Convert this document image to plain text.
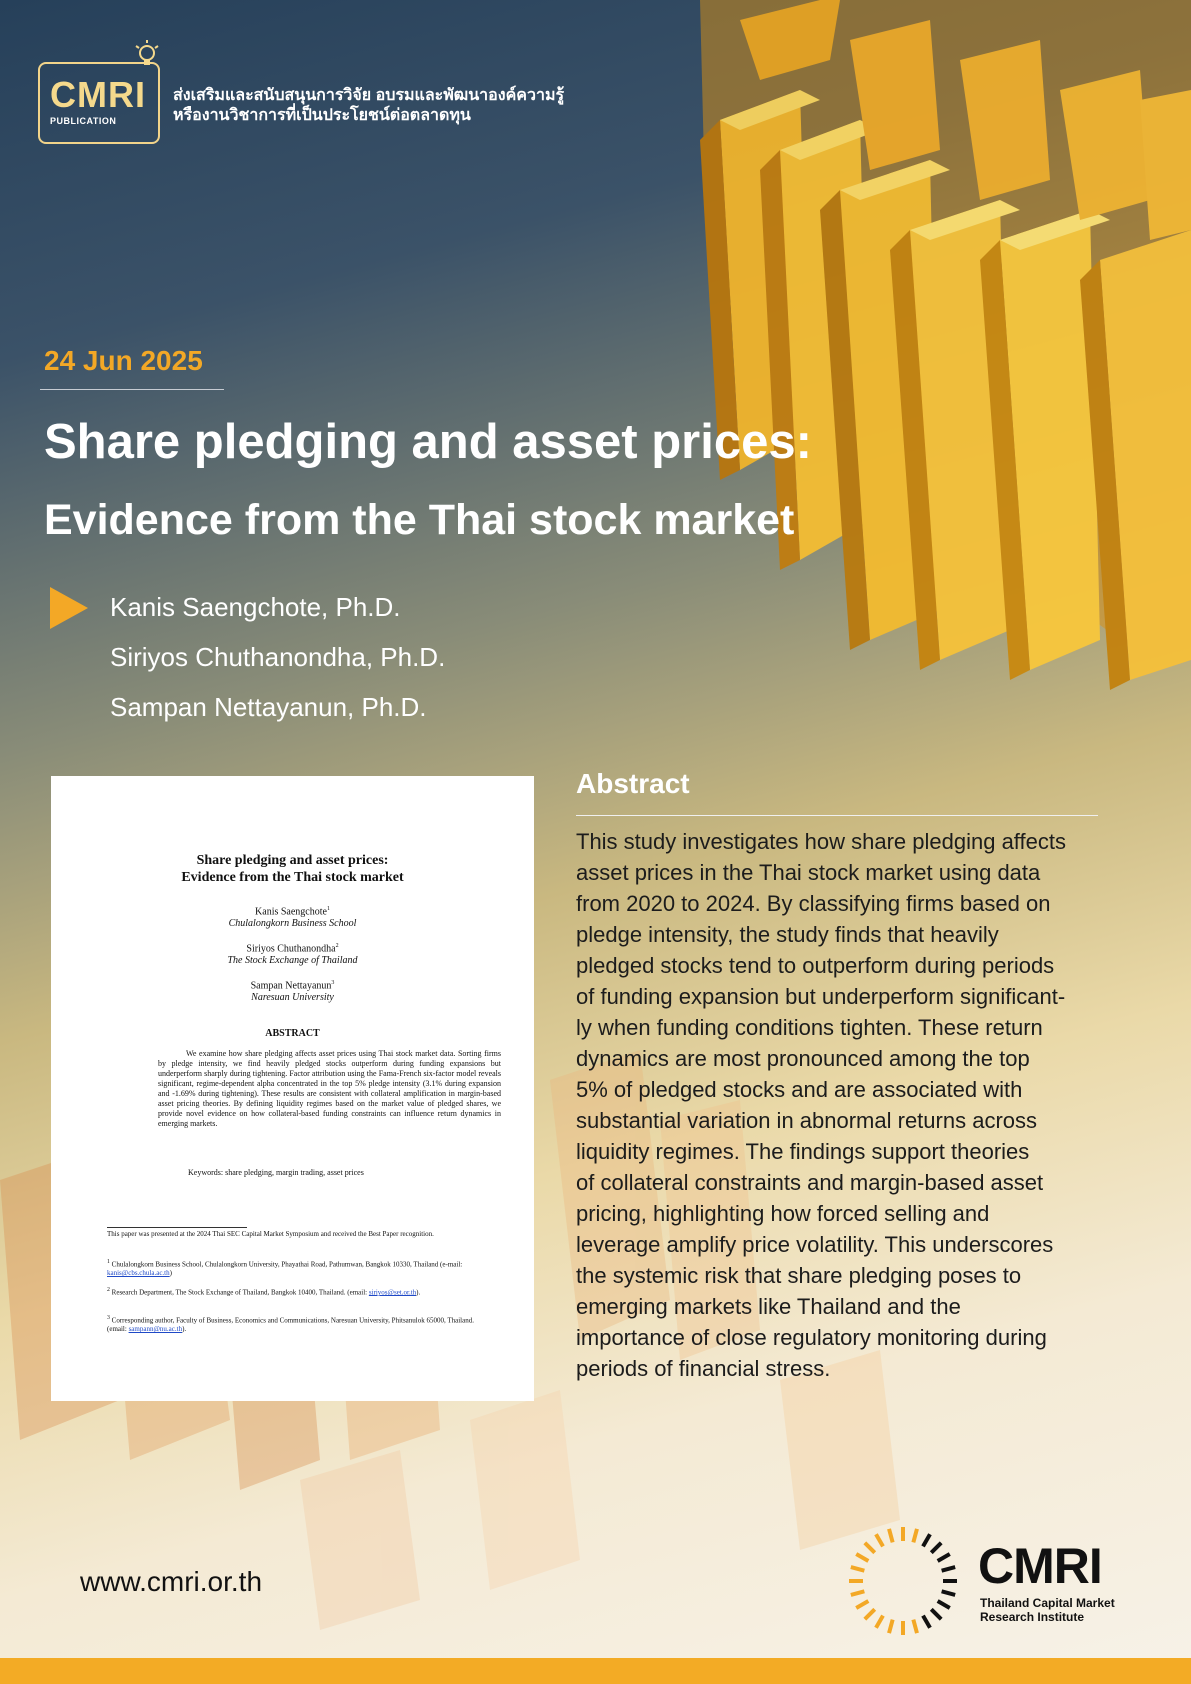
CMRI
PUBLICATION
ส่งเสริมและสนับสนุนการวิจัย อบรมและพัฒนาองค์ความรู้
หรืองานวิชาการที่เป็นประโยชน์ต่อตลาดทุน
24 Jun 2025
Share pledging and asset prices:
Evidence from the Thai stock market
Kanis Saengchote, Ph.D.
Siriyos Chuthanondha, Ph.D.
Sampan Nettayanun, Ph.D.
Share pledging and asset prices:
Evidence from the Thai stock market
Kanis Saengchote$^1$
Chulalongkorn Business School
Siriyos Chuthanondha$^2$
The Stock Exchange of Thailand
Sampan Nettayanun$^3$
Naresuan University
ABSTRACT
We examine how share pledging affects asset prices using Thai stock market data. Sorting firms by pledge intensity, we find heavily pledged stocks outperform during funding expansions but underperform sharply during tightening. Factor attribution using the Fama-French six-factor model reveals significant, regime-dependent alpha concentrated in the top 5% pledge intensity (3.1% during expansion and -1.69% during tightening). These results are consistent with collateral amplification in margin-based asset pricing theories. By defining liquidity regimes based on the market value of pledged shares, we provide novel evidence on how collateral-based funding constraints can influence return dynamics in emerging markets.
Keywords: share pledging, margin trading, asset prices
This paper was presented at the 2024 Thai SEC Capital Market Symposium and received the Best Paper recognition.
$^1$ Chulalongkorn Business School, Chulalongkorn University, Phayathai Road, Pathumwan, Bangkok 10330, Thailand (e-mail: kanis@cbs.chula.ac.th)
$^2$ Research Department, The Stock Exchange of Thailand, Bangkok 10400, Thailand. (email: siriyos@set.or.th).
$^3$ Corresponding author, Faculty of Business, Economics and Communications, Naresuan University, Phitsanulok 65000, Thailand. (email: sampann@nu.ac.th).
Abstract
This study investigates how share pledging affects
asset prices in the Thai stock market using data
from 2020 to 2024. By classifying firms based on
pledge intensity, the study finds that heavily
pledged stocks tend to outperform during periods
of funding expansion but underperform significant-
ly when funding conditions tighten. These return
dynamics are most pronounced among the top
5% of pledged stocks and are associated with
substantial variation in abnormal returns across
liquidity regimes. The findings support theories
of collateral constraints and margin-based asset
pricing, highlighting how forced selling and
leverage amplify price volatility. This underscores
the systemic risk that share pledging poses to
emerging markets like Thailand and the
importance of close regulatory monitoring during
periods of financial stress.
www.cmri.or.th	CMRI
Thailand Capital Market
Research Institute
